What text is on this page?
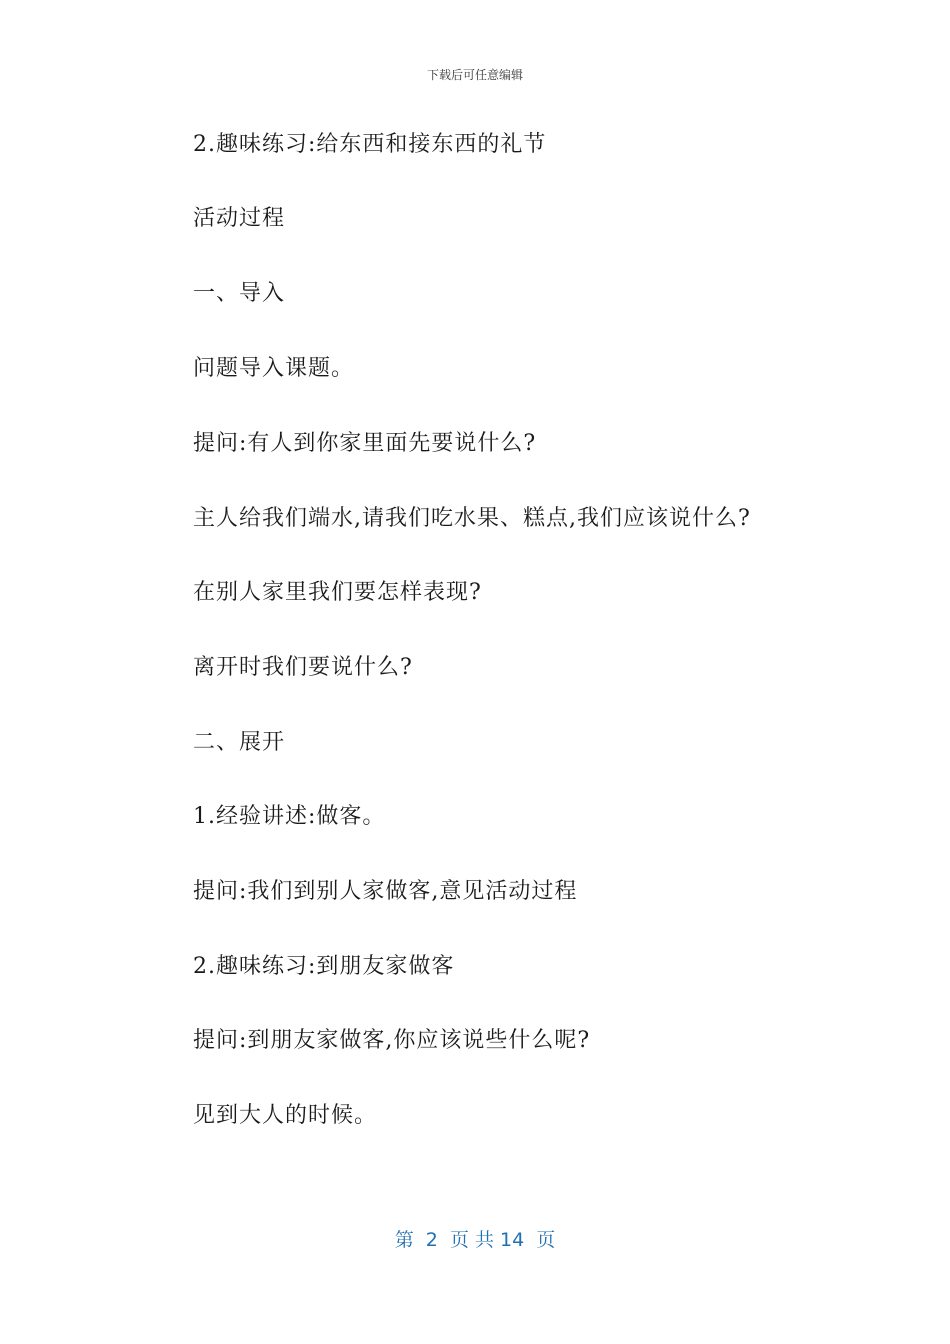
下载后可任意编辑
2.趣味练习:给东西和接东西的礼节
活动过程
一、导入
问题导入课题。
提问:有人到你家里面先要说什么?
主人给我们端水,请我们吃水果、糕点,我们应该说什么?
在别人家里我们要怎样表现?
离开时我们要说什么?
二、展开
1.经验讲述:做客。
提问:我们到别人家做客,意见活动过程
2.趣味练习:到朋友家做客
提问:到朋友家做客,你应该说些什么呢?
见到大人的时候。
第  2  页 共 14  页
